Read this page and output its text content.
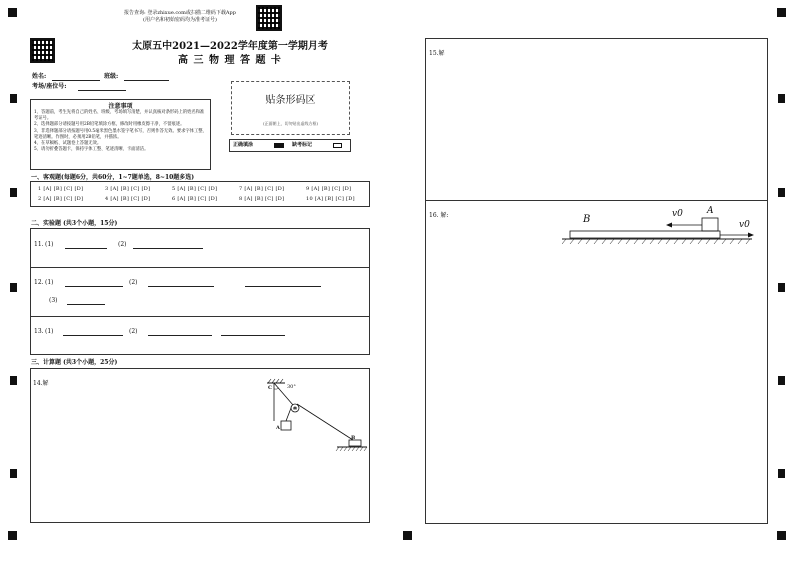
报告查询: 登录zhixue.com或扫描二维码下载App
(用户名和初始密码均为准考证号)
太原五中2021—2022学年度第一学期月考
高 三 物 理 答 题 卡
姓名:	班级:
考场/座位号:
注意事项
1、答题前，考生先将自己的姓名、班级、考场填写清楚，并认真核对条形码上的姓名和准考证号。
2、选择题部分请按题号用2B铅笔填涂方框，修改时用橡皮擦干净，不留痕迹。
3、非选择题部分请按题号用0.5毫米黑色墨水签字笔书写，否则作答无效。要求字体工整、笔迹清晰。作图时，必须用2B铅笔，并描浓。
4、在草稿纸、试题卷上答题无效。
5、请勿折叠答题卡，保持字体工整、笔迹清晰、卡面清洁。
贴条形码区
(正面朝上，切勿贴出虚线方框)
正确填涂	缺考标记
一、客观题(每题6分，共60分，1~7题单选，8~10题多选)
1 [A] [B] [C] [D]	3 [A] [B] [C] [D]	5 [A] [B] [C] [D]	7 [A] [B] [C] [D]	9 [A] [B] [C] [D]
2 [A] [B] [C] [D]	4 [A] [B] [C] [D]	6 [A] [B] [C] [D]	8 [A] [B] [C] [D]	10 [A] [B] [C] [D]
二、实验题 (共3个小题，15分)
11. (1)	(2)
12. (1)	(2)
(3)
13. (1)	(2)
三、计算题 (共3个小题，25分)
14.解
C	30°
O
A
B
15.解
16. 解:	B
A
v0
v0
